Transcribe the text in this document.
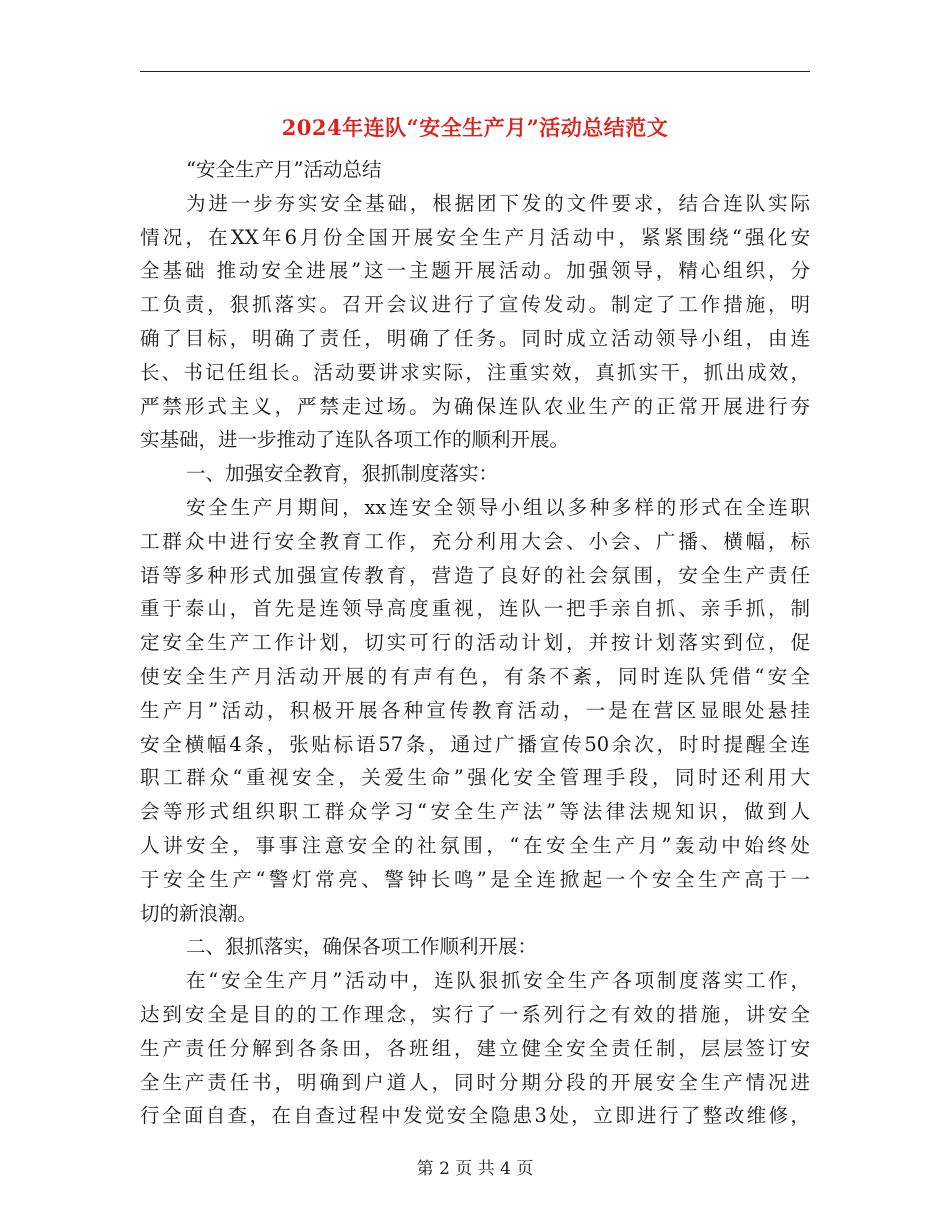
2024年连队“安全生产月”活动总结范文
“安全生产月”活动总结
为进一步夯实安全基础，根据团下发的文件要求，结合连队实际
情况，在XX年6月份全国开展安全生产月活动中，紧紧围绕“强化安
全基础 推动安全进展”这一主题开展活动。加强领导，精心组织，分
工负责，狠抓落实。召开会议进行了宣传发动。制定了工作措施，明
确了目标，明确了责任，明确了任务。同时成立活动领导小组，由连
长、书记任组长。活动要讲求实际，注重实效，真抓实干，抓出成效，
严禁形式主义，严禁走过场。为确保连队农业生产的正常开展进行夯
实基础，进一步推动了连队各项工作的顺利开展。
一、加强安全教育，狠抓制度落实：
安全生产月期间，xx连安全领导小组以多种多样的形式在全连职
工群众中进行安全教育工作，充分利用大会、小会、广播、横幅，标
语等多种形式加强宣传教育，营造了良好的社会氛围，安全生产责任
重于泰山，首先是连领导高度重视，连队一把手亲自抓、亲手抓，制
定安全生产工作计划，切实可行的活动计划，并按计划落实到位，促
使安全生产月活动开展的有声有色，有条不紊，同时连队凭借“安全
生产月”活动，积极开展各种宣传教育活动，一是在营区显眼处悬挂
安全横幅4条，张贴标语57条，通过广播宣传50余次，时时提醒全连
职工群众“重视安全，关爱生命”强化安全管理手段，同时还利用大
会等形式组织职工群众学习“安全生产法”等法律法规知识，做到人
人讲安全，事事注意安全的社氛围，“在安全生产月”轰动中始终处
于安全生产“警灯常亮、警钟长鸣”是全连掀起一个安全生产高于一
切的新浪潮。
二、狠抓落实，确保各项工作顺利开展：
在“安全生产月”活动中，连队狠抓安全生产各项制度落实工作，
达到安全是目的的工作理念，实行了一系列行之有效的措施，讲安全
生产责任分解到各条田，各班组，建立健全安全责任制，层层签订安
全生产责任书，明确到户道人，同时分期分段的开展安全生产情况进
行全面自查，在自查过程中发觉安全隐患3处，立即进行了整改维修，
第 2 页 共 4 页
